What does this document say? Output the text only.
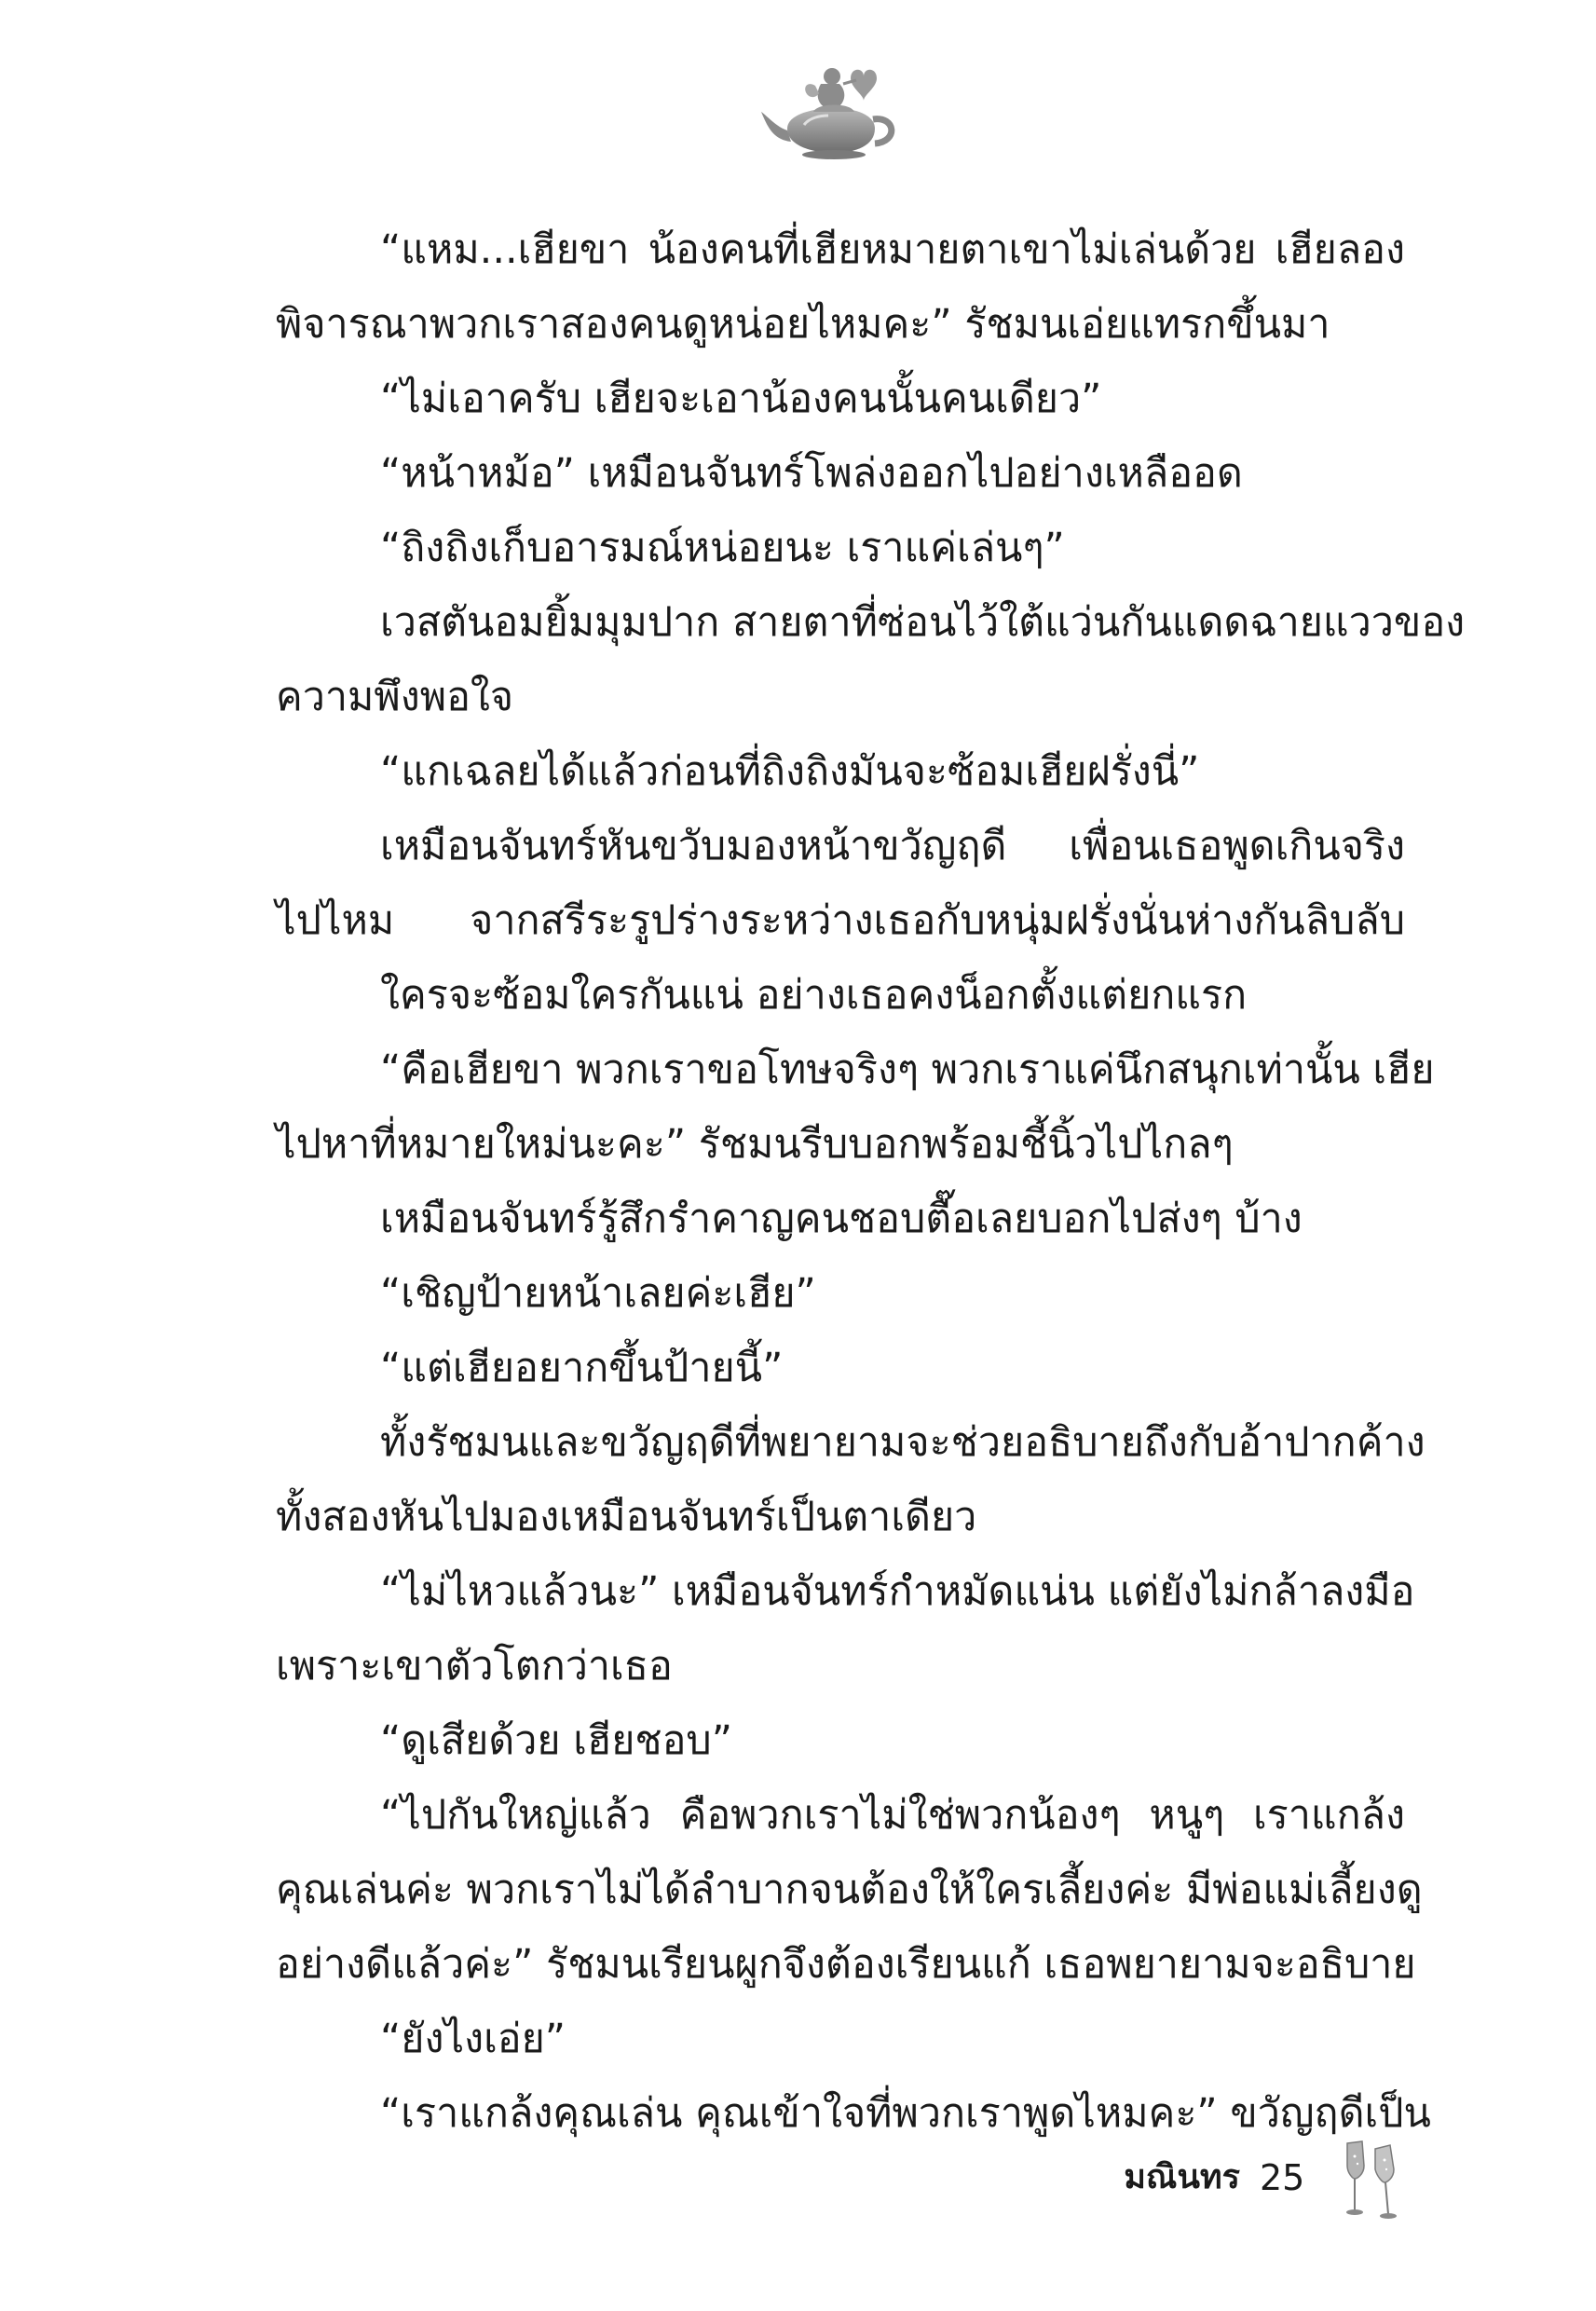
“แหม...เฮียขา น้องคนที่เฮียหมายตาเขาไม่เล่นด้วย เฮียลอง
พิจารณาพวกเราสองคนดูหน่อยไหมคะ” รัชมนเอ่ยแทรกขึ้นมา
“ไม่เอาครับ เฮียจะเอาน้องคนนั้นคนเดียว”
“หน้าหม้อ” เหมือนจันทร์โพล่งออกไปอย่างเหลืออด
“ถิงถิงเก็บอารมณ์หน่อยนะ เราแค่เล่นๆ”
เวสตันอมยิ้มมุมปาก สายตาที่ซ่อนไว้ใต้แว่นกันแดดฉายแววของ
ความพึงพอใจ
“แกเฉลยได้แล้วก่อนที่ถิงถิงมันจะซ้อมเฮียฝรั่งนี่”
เหมือนจันทร์หันขวับมองหน้าขวัญฤดี เพื่อนเธอพูดเกินจริง
ไปไหม จากสรีระรูปร่างระหว่างเธอกับหนุ่มฝรั่งนั่นห่างกันลิบลับ
ใครจะซ้อมใครกันแน่ อย่างเธอคงน็อกตั้งแต่ยกแรก
“คือเฮียขา พวกเราขอโทษจริงๆ พวกเราแค่นึกสนุกเท่านั้น เฮีย
ไปหาที่หมายใหม่นะคะ” รัชมนรีบบอกพร้อมชี้นิ้วไปไกลๆ
เหมือนจันทร์รู้สึกรำคาญคนชอบตื๊อเลยบอกไปส่งๆ บ้าง
“เชิญป้ายหน้าเลยค่ะเฮีย”
“แต่เฮียอยากขึ้นป้ายนี้”
ทั้งรัชมนและขวัญฤดีที่พยายามจะช่วยอธิบายถึงกับอ้าปากค้าง
ทั้งสองหันไปมองเหมือนจันทร์เป็นตาเดียว
“ไม่ไหวแล้วนะ” เหมือนจันทร์กำหมัดแน่น แต่ยังไม่กล้าลงมือ
เพราะเขาตัวโตกว่าเธอ
“ดูเสียด้วย เฮียชอบ”
“ไปกันใหญ่แล้ว คือพวกเราไม่ใช่พวกน้องๆ หนูๆ เราแกล้ง
คุณเล่นค่ะ พวกเราไม่ได้ลำบากจนต้องให้ใครเลี้ยงค่ะ มีพ่อแม่เลี้ยงดู
อย่างดีแล้วค่ะ” รัชมนเรียนผูกจึงต้องเรียนแก้ เธอพยายามจะอธิบาย
“ยังไงเอ่ย”
“เราแกล้งคุณเล่น คุณเข้าใจที่พวกเราพูดไหมคะ” ขวัญฤดีเป็น
มณินทร 25
